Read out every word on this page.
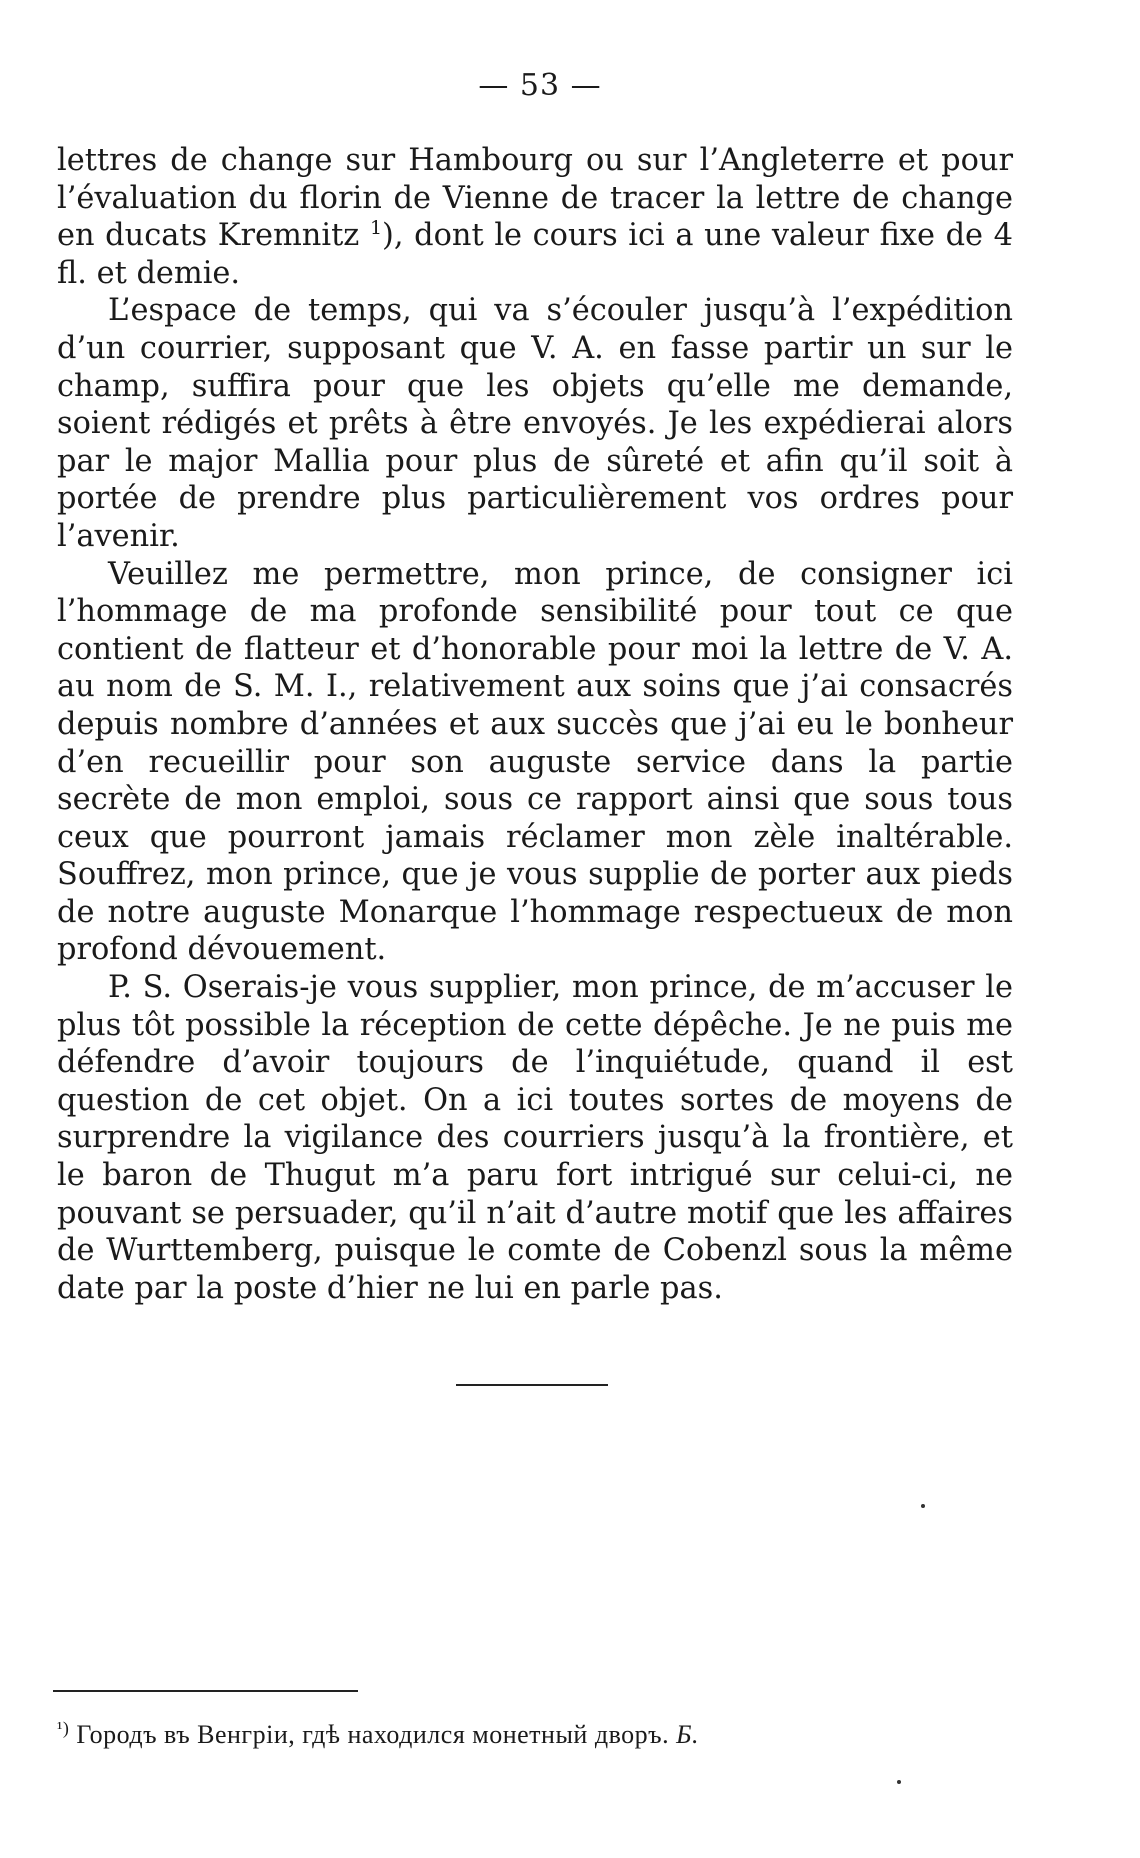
— 53 —

lettres de change sur Hambourg ou sur l’Angleterre et pour l’évaluation du florin de Vienne de tracer la lettre de change en ducats Kremnitz $^1$), dont le cours ici a une valeur fixe de 4 fl. et demie.

L’espace de temps, qui va s’écouler jusqu’à l’expédition d’un courrier, supposant que V. A. en fasse partir un sur le champ, suffira pour que les objets qu’elle me demande, soient rédigés et prêts à être envoyés. Je les expédierai alors par le major Mallia pour plus de sûreté et afin qu’il soit à portée de prendre plus particulièrement vos ordres pour l’avenir.

Veuillez me permettre, mon prince, de consigner ici l’hommage de ma profonde sensibilité pour tout ce que contient de flatteur et d’honorable pour moi la lettre de V. A. au nom de S. M. I., relativement aux soins que j’ai consacrés depuis nombre d’années et aux succès que j’ai eu le bonheur d’en recueillir pour son auguste service dans la partie secrète de mon emploi, sous ce rapport ainsi que sous tous ceux que pourront jamais réclamer mon zèle inaltérable. Souffrez, mon prince, que je vous supplie de porter aux pieds de notre auguste Monarque l’hommage respectueux de mon profond dévouement.

P. S. Oserais-je vous supplier, mon prince, de m’accuser le plus tôt possible la réception de cette dépêche. Je ne puis me défendre d’avoir toujours de l’inquiétude, quand il est question de cet objet. On a ici toutes sortes de moyens de surprendre la vigilance des courriers jusqu’à la frontière, et le baron de Thugut m’a paru fort intrigué sur celui-ci, ne pouvant se persuader, qu’il n’ait d’autre motif que les affaires de Wurttemberg, puisque le comte de Cobenzl sous la même date par la poste d’hier ne lui en parle pas.

$^{^1)}$ Городъ въ Венгріи, гдѣ находился монетный дворъ. Б.
